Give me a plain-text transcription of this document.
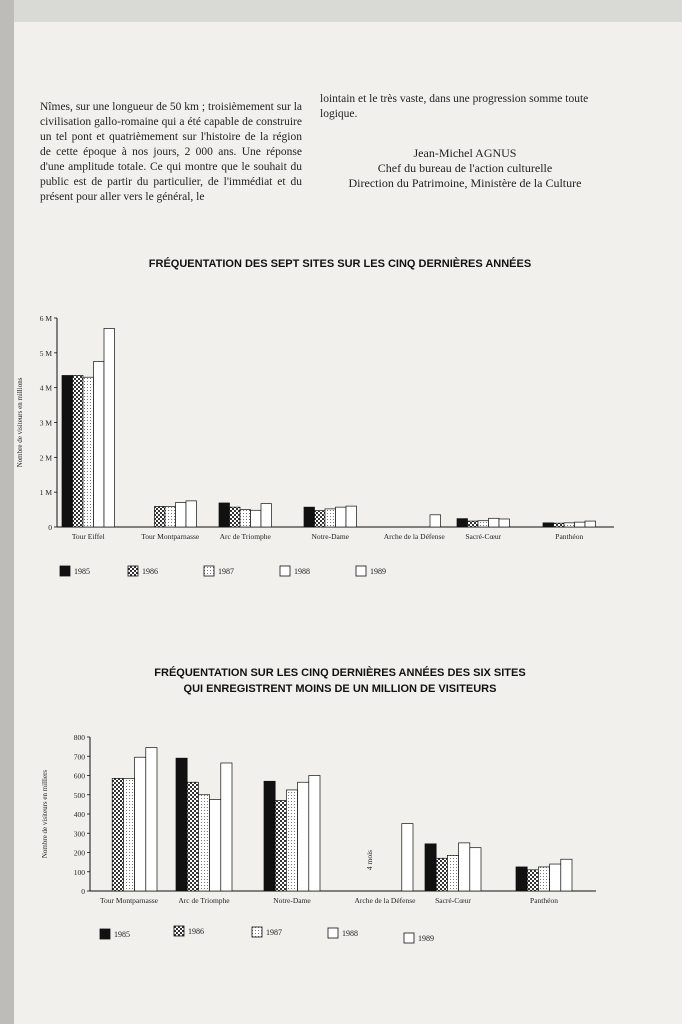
Nîmes, sur une longueur de 50 km ; troisièmement sur la civilisation gallo-romaine qui a été capable de construire un tel pont et quatrièmement sur l'histoire de la région de cette époque à nos jours, 2 000 ans. Une réponse d'une amplitude totale. Ce qui montre que le souhait du public est de partir du particulier, de l'immédiat et du présent pour aller vers le général, le

lointain et le très vaste, dans une progression somme toute logique.

Jean-Michel AGNUS
Chef du bureau de l'action culturelle
Direction du Patrimoine, Ministère de la Culture
FRÉQUENTATION DES SEPT SITES SUR LES CINQ DERNIÈRES ANNÉES
FRÉQUENTATION SUR LES CINQ DERNIÈRES ANNÉES DES SIX SITES
QUI ENREGISTRENT MOINS DE UN MILLION DE VISITEURS
0
1 M
2 M
3 M
4 M
5 M
6 M
Nombre de visiteurs en millions
Tour Eiffel	Tour Montparnasse	Arc de Triomphe	Notre-Dame	Arche de la Défense	Sacré-Cœur	Panthéon
1985	1986	1987	1988	1989
0
100
200
300
400
500
600
700
800
Nombre de visiteurs en milliers
Tour Montparnasse	Arc de Triomphe	Notre-Dame	Arche de la Défense	Sacré-Cœur	Panthéon
4 mois
1985	1986	1987	1988
1989
